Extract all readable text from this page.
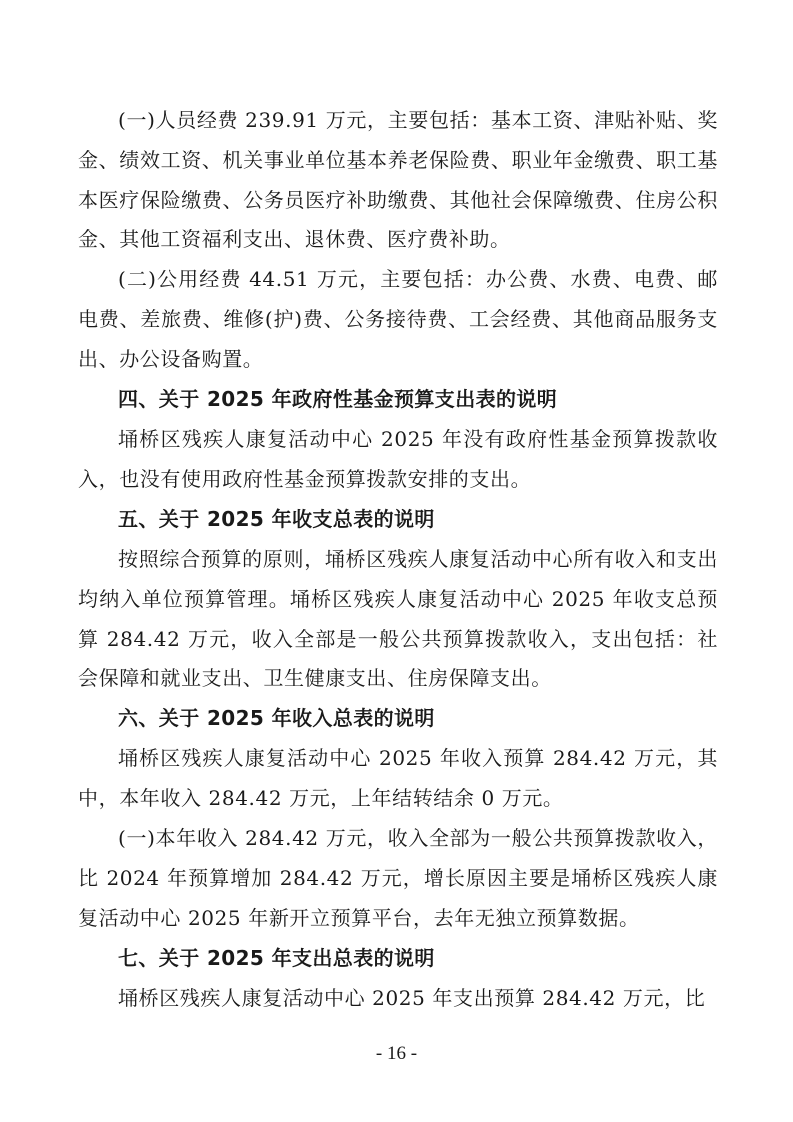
(一)人员经费 239.91 万元，主要包括：基本工资、津贴补贴、奖金、绩效工资、机关事业单位基本养老保险费、职业年金缴费、职工基本医疗保险缴费、公务员医疗补助缴费、其他社会保障缴费、住房公积金、其他工资福利支出、退休费、医疗费补助。

(二)公用经费 44.51 万元，主要包括：办公费、水费、电费、邮电费、差旅费、维修(护)费、公务接待费、工会经费、其他商品服务支出、办公设备购置。

四、关于 2025 年政府性基金预算支出表的说明

埇桥区残疾人康复活动中心 2025 年没有政府性基金预算拨款收入，也没有使用政府性基金预算拨款安排的支出。

五、关于 2025 年收支总表的说明

按照综合预算的原则，埇桥区残疾人康复活动中心所有收入和支出均纳入单位预算管理。埇桥区残疾人康复活动中心 2025 年收支总预算 284.42 万元，收入全部是一般公共预算拨款收入，支出包括：社会保障和就业支出、卫生健康支出、住房保障支出。

六、关于 2025 年收入总表的说明

埇桥区残疾人康复活动中心 2025 年收入预算 284.42 万元，其中，本年收入 284.42 万元，上年结转结余 0 万元。

(一)本年收入 284.42 万元，收入全部为一般公共预算拨款收入，比 2024 年预算增加 284.42 万元，增长原因主要是埇桥区残疾人康复活动中心 2025 年新开立预算平台，去年无独立预算数据。

七、关于 2025 年支出总表的说明

埇桥区残疾人康复活动中心 2025 年支出预算 284.42 万元，比

- 16 -
